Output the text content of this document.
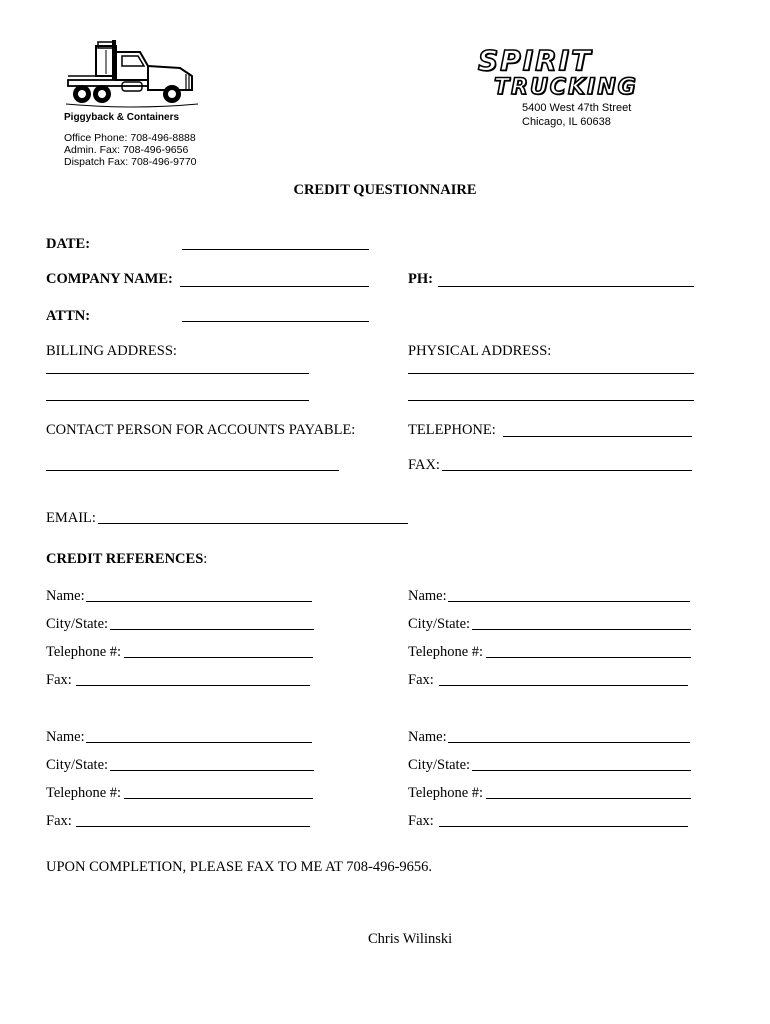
Piggyback & Containers
Office Phone: 708-496-8888
Admin. Fax: 708-496-9656
Dispatch Fax: 708-496-9770
SPIRIT
TRUCKING
5400 West 47th Street
Chicago, IL 60638
CREDIT QUESTIONNAIRE
DATE:
COMPANY NAME:	PH:
ATTN:
BILLING ADDRESS:	PHYSICAL ADDRESS:
CONTACT PERSON FOR ACCOUNTS PAYABLE:	TELEPHONE:
FAX:
EMAIL:
CREDIT REFERENCES:
Name:
City/State:
Telephone #:
Fax:
Name:
City/State:
Telephone #:
Fax:
Name:
City/State:
Telephone #:
Fax:
Name:
City/State:
Telephone #:
Fax:
UPON COMPLETION, PLEASE FAX TO ME AT 708-496-9656.
Chris Wilinski
